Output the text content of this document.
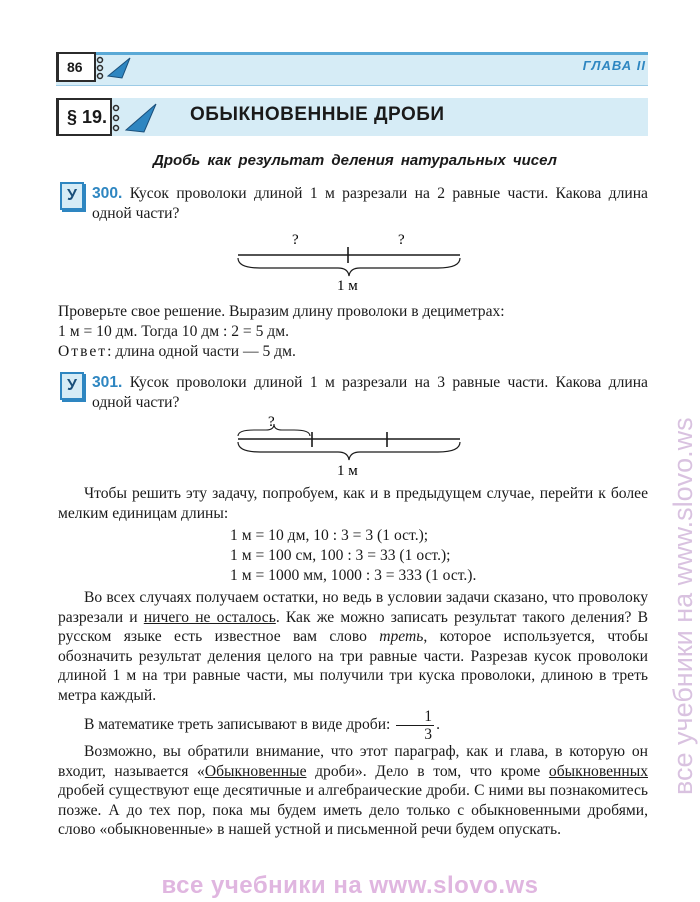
86	ГЛАВА II
§ 19.	ОБЫКНОВЕННЫЕ ДРОБИ
Дробь как результат деления натуральных чисел
У 300. Кусок проволоки длиной 1 м разрезали на 2 равные части. Какова длина одной части?

?	?
1 м

Проверьте свое решение. Выразим длину проволоки в дециметрах:

1 м = 10 дм. Тогда 10 дм : 2 = 5 дм.

Ответ: длина одной части — 5 дм.

У 301. Кусок проволоки длиной 1 м разрезали на 3 равные части. Какова длина одной части?

?
1 м

Чтобы решить эту задачу, попробуем, как и в предыдущем случае, перейти к более мелким единицам длины:

1 м = 10 дм, 10 : 3 = 3 (1 ост.);

1 м = 100 см, 100 : 3 = 33 (1 ост.);

1 м = 1000 мм, 1000 : 3 = 333 (1 ост.).

Во всех случаях получаем остатки, но ведь в условии задачи сказано, что проволоку разрезали и ничего не осталось. Как же можно записать результат такого деления? В русском языке есть известное вам слово треть, которое используется, чтобы обозначить результат деления целого на три равные части. Разрезав кусок проволоки длиной 1 м на три равные части, мы получили три куска проволоки, длиною в треть метра каждый.

В математике треть записывают в виде дроби: $\frac{1}{3}$ .

Возможно, вы обратили внимание, что этот параграф, как и глава, в которую он входит, называется «Обыкновенные дроби». Дело в том, что кроме обыкновенных дробей существуют еще десятичные и алгебраические дроби. С ними вы познакомитесь позже. А до тех пор, пока мы будем иметь дело только с обыкновенными дробями, слово «обыкновенные» в нашей устной и письменной речи будем опускать.

все учебники на www.slovo.ws
все учебники на www.slovo.ws
